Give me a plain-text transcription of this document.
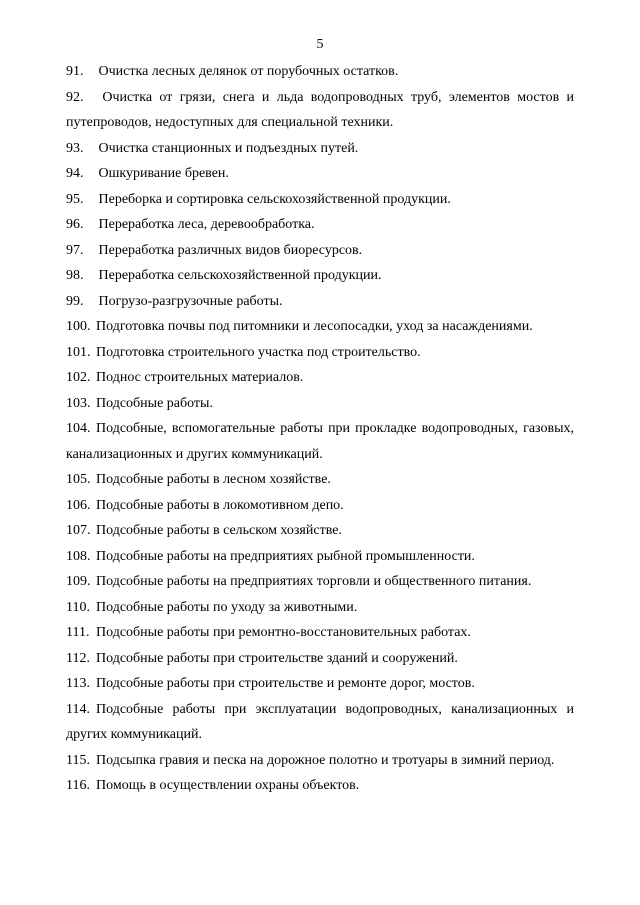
5
91. Очистка лесных делянок от порубочных остатков.
92. Очистка от грязи, снега и льда водопроводных труб, элементов мостов и путепроводов, недоступных для специальной техники.
93. Очистка станционных и подъездных путей.
94. Ошкуривание бревен.
95. Переборка и сортировка сельскохозяйственной продукции.
96. Переработка леса, деревообработка.
97. Переработка различных видов биоресурсов.
98. Переработка сельскохозяйственной продукции.
99. Погрузо-разгрузочные работы.
100. Подготовка почвы под питомники и лесопосадки, уход за насаждениями.
101. Подготовка строительного участка под строительство.
102. Поднос строительных материалов.
103. Подсобные работы.
104. Подсобные, вспомогательные работы при прокладке водопроводных, газовых, канализационных и других коммуникаций.
105. Подсобные работы в лесном хозяйстве.
106. Подсобные работы в локомотивном депо.
107. Подсобные работы в сельском хозяйстве.
108. Подсобные работы на предприятиях рыбной промышленности.
109. Подсобные работы на предприятиях торговли и общественного питания.
110. Подсобные работы по уходу за животными.
111. Подсобные работы при ремонтно-восстановительных работах.
112. Подсобные работы при строительстве зданий и сооружений.
113. Подсобные работы при строительстве и ремонте дорог, мостов.
114. Подсобные работы при эксплуатации водопроводных, канализационных и других коммуникаций.
115. Подсыпка гравия и песка на дорожное полотно и тротуары в зимний период.
116. Помощь в осуществлении охраны объектов.
